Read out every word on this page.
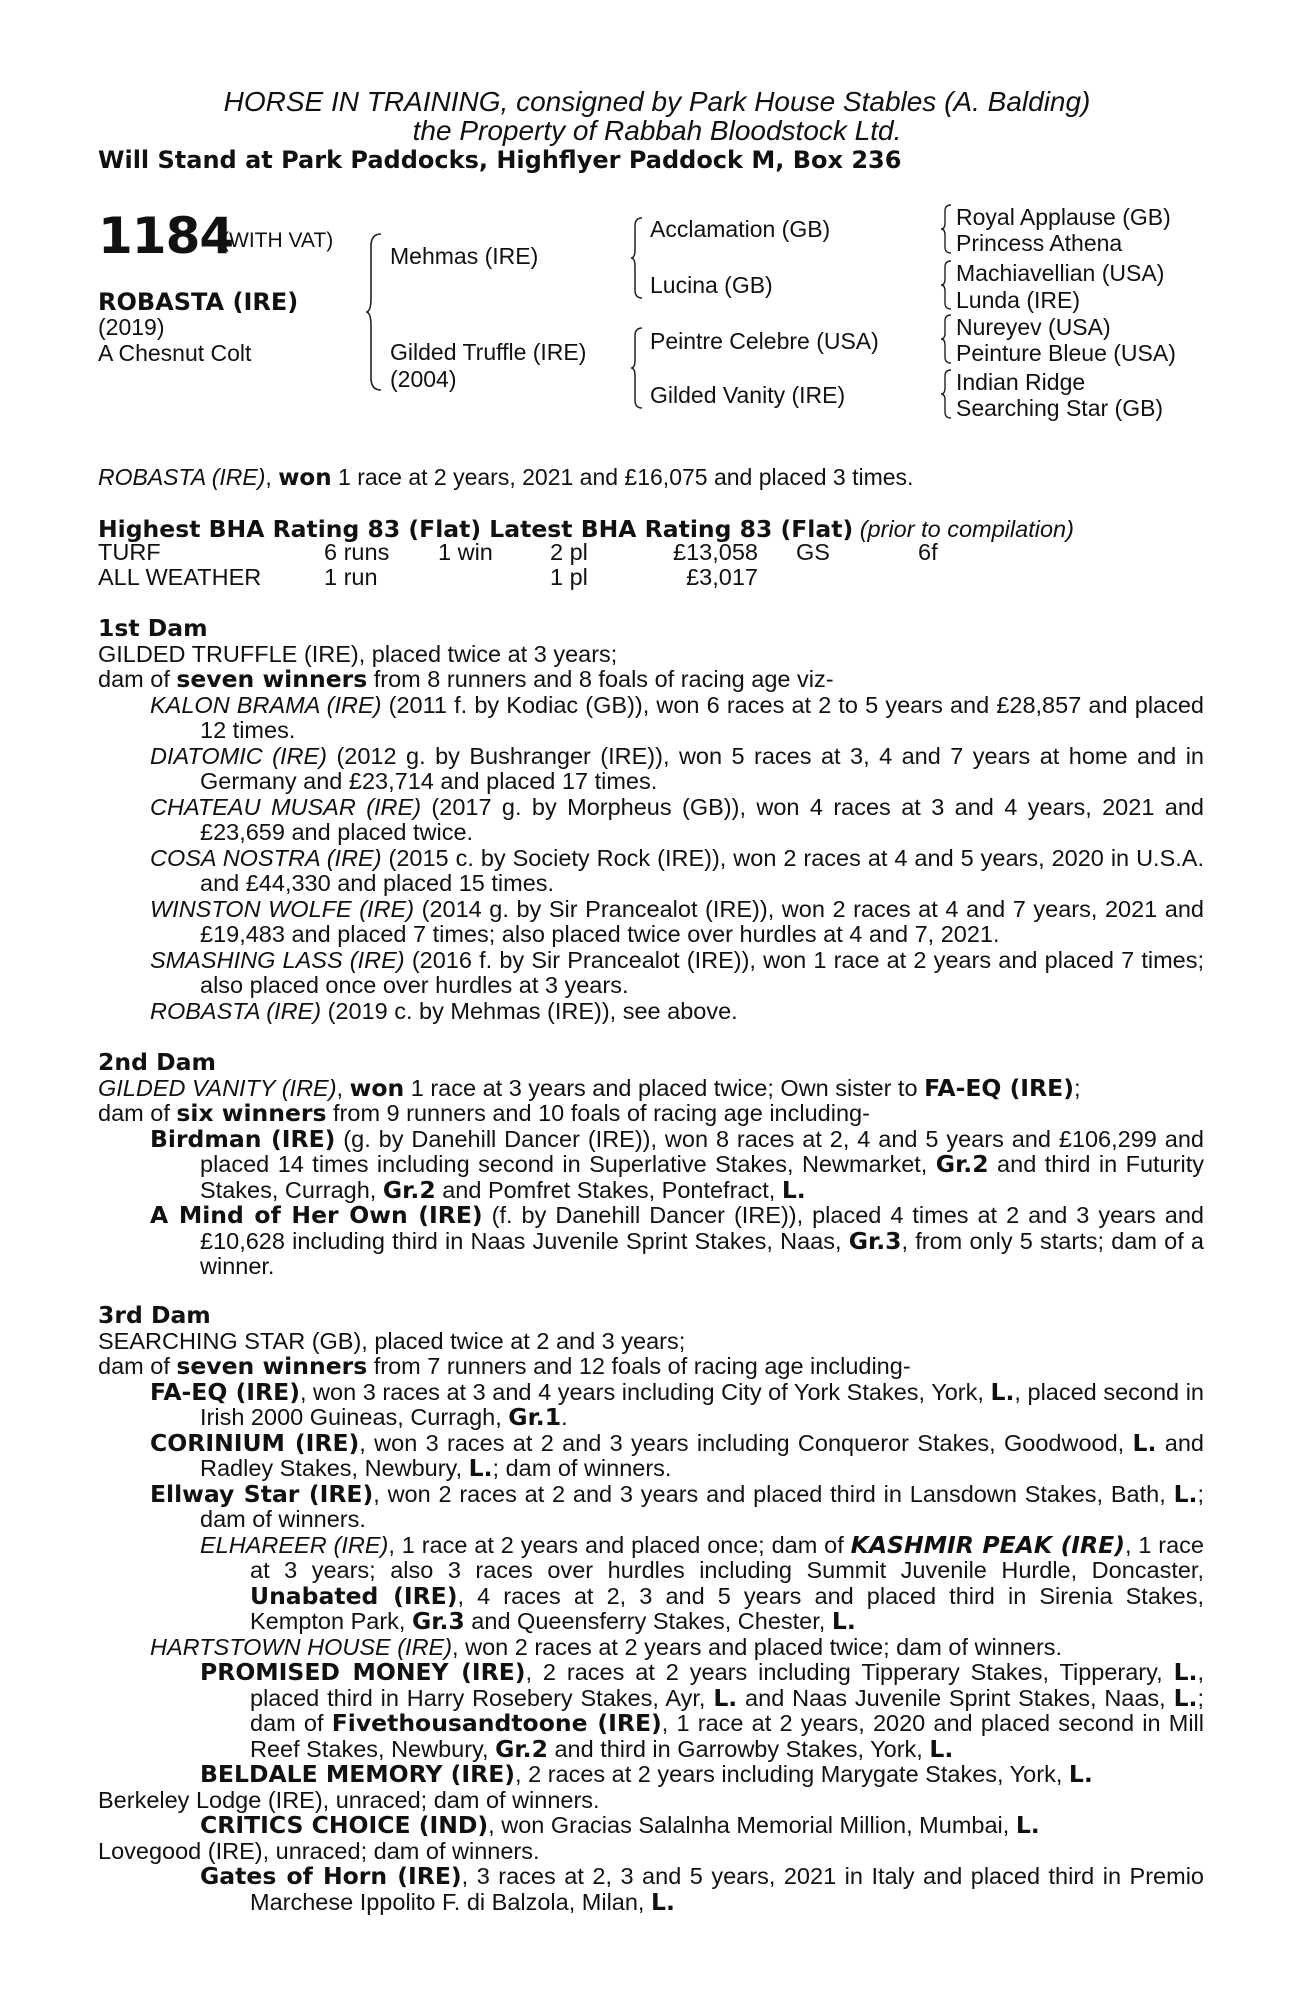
HORSE IN TRAINING, consigned by Park House Stables (A. Balding)
the Property of Rabbah Bloodstock Ltd.
Will Stand at Park Paddocks, Highflyer Paddock M, Box 236
1184
(WITH VAT)
ROBASTA (IRE)
(2019)
A Chesnut Colt
Mehmas (IRE)
Gilded Truffle (IRE)
(2004)
Acclamation (GB)
Lucina (GB)
Peintre Celebre (USA)
Gilded Vanity (IRE)
Royal Applause (GB)
Princess Athena
Machiavellian (USA)
Lunda (IRE)
Nureyev (USA)
Peinture Bleue (USA)
Indian Ridge
Searching Star (GB)
ROBASTA (IRE), won 1 race at 2 years, 2021 and £16,075 and placed 3 times.
Highest BHA Rating 83 (Flat) Latest BHA Rating 83 (Flat) (prior to compilation)
TURF	6 runs	1 win	2 pl	£13,058	GS	6f
ALL WEATHER	1 run		1 pl	£3,017		

1st Dam

GILDED TRUFFLE (IRE), placed twice at 3 years;

dam of seven winners from 8 runners and 8 foals of racing age viz-

KALON BRAMA (IRE) (2011 f. by Kodiac (GB)), won 6 races at 2 to 5 years and £28,857 and placed 12 times.

DIATOMIC (IRE) (2012 g. by Bushranger (IRE)), won 5 races at 3, 4 and 7 years at home and in Germany and £23,714 and placed 17 times.

CHATEAU MUSAR (IRE) (2017 g. by Morpheus (GB)), won 4 races at 3 and 4 years, 2021 and £23,659 and placed twice.

COSA NOSTRA (IRE) (2015 c. by Society Rock (IRE)), won 2 races at 4 and 5 years, 2020 in U.S.A. and £44,330 and placed 15 times.

WINSTON WOLFE (IRE) (2014 g. by Sir Prancealot (IRE)), won 2 races at 4 and 7 years, 2021 and £19,483 and placed 7 times; also placed twice over hurdles at 4 and 7, 2021.

SMASHING LASS (IRE) (2016 f. by Sir Prancealot (IRE)), won 1 race at 2 years and placed 7 times; also placed once over hurdles at 3 years.

ROBASTA (IRE) (2019 c. by Mehmas (IRE)), see above.

2nd Dam

GILDED VANITY (IRE), won 1 race at 3 years and placed twice; Own sister to FA-EQ (IRE);

dam of six winners from 9 runners and 10 foals of racing age including-

Birdman (IRE) (g. by Danehill Dancer (IRE)), won 8 races at 2, 4 and 5 years and £106,299 and placed 14 times including second in Superlative Stakes, Newmarket, Gr.2 and third in Futurity Stakes, Curragh, Gr.2 and Pomfret Stakes, Pontefract, L.

A Mind of Her Own (IRE) (f. by Danehill Dancer (IRE)), placed 4 times at 2 and 3 years and £10,628 including third in Naas Juvenile Sprint Stakes, Naas, Gr.3, from only 5 starts; dam of a winner.

3rd Dam

SEARCHING STAR (GB), placed twice at 2 and 3 years;

dam of seven winners from 7 runners and 12 foals of racing age including-

FA-EQ (IRE), won 3 races at 3 and 4 years including City of York Stakes, York, L., placed second in Irish 2000 Guineas, Curragh, Gr.1.

CORINIUM (IRE), won 3 races at 2 and 3 years including Conqueror Stakes, Goodwood, L. and Radley Stakes, Newbury, L.; dam of winners.

Ellway Star (IRE), won 2 races at 2 and 3 years and placed third in Lansdown Stakes, Bath, L.; dam of winners.

ELHAREER (IRE), 1 race at 2 years and placed once; dam of KASHMIR PEAK (IRE), 1 race at 3 years; also 3 races over hurdles including Summit Juvenile Hurdle, Doncaster, Unabated (IRE), 4 races at 2, 3 and 5 years and placed third in Sirenia Stakes, Kempton Park, Gr.3 and Queensferry Stakes, Chester, L.

HARTSTOWN HOUSE (IRE), won 2 races at 2 years and placed twice; dam of winners.

PROMISED MONEY (IRE), 2 races at 2 years including Tipperary Stakes, Tipperary, L., placed third in Harry Rosebery Stakes, Ayr, L. and Naas Juvenile Sprint Stakes, Naas, L.; dam of Fivethousandtoone (IRE), 1 race at 2 years, 2020 and placed second in Mill Reef Stakes, Newbury, Gr.2 and third in Garrowby Stakes, York, L.

BELDALE MEMORY (IRE), 2 races at 2 years including Marygate Stakes, York, L.

Berkeley Lodge (IRE), unraced; dam of winners.

CRITICS CHOICE (IND), won Gracias Salalnha Memorial Million, Mumbai, L.

Lovegood (IRE), unraced; dam of winners.

Gates of Horn (IRE), 3 races at 2, 3 and 5 years, 2021 in Italy and placed third in Premio Marchese Ippolito F. di Balzola, Milan, L.
